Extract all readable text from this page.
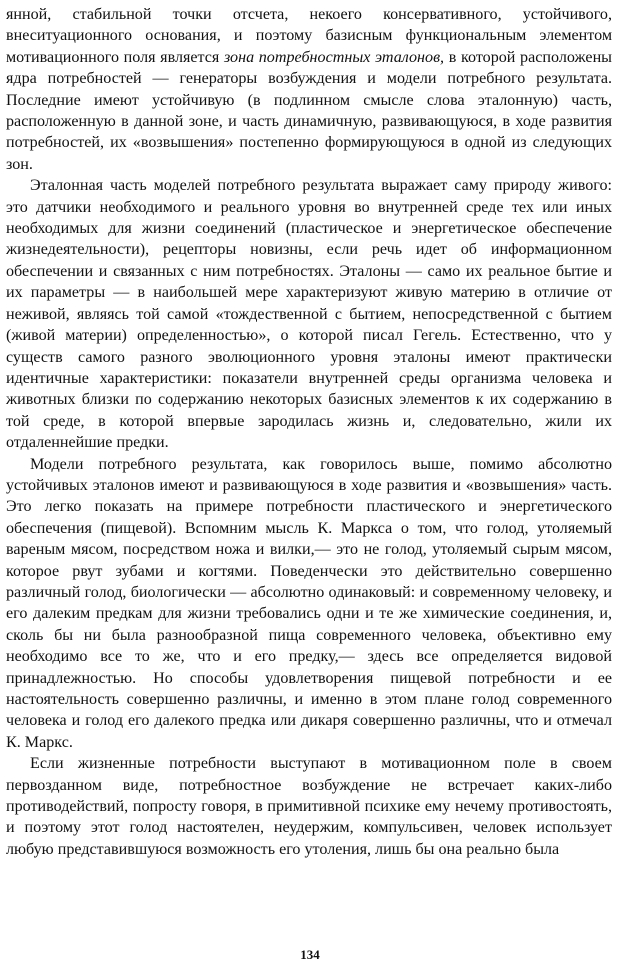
янной, стабильной точки отсчета, некоего консервативного, устойчивого, внеситуационного основания, и поэтому базисным функциональным элементом мотивационного поля является зона потребностных эталонов, в которой расположены ядра потребностей — генераторы возбуждения и модели потребного результата. Последние имеют устойчивую (в подлинном смысле слова эталонную) часть, расположенную в данной зоне, и часть динамичную, развивающуюся, в ходе развития потребностей, их «возвышения» постепенно формирующуюся в одной из следующих зон.

Эталонная часть моделей потребного результата выражает саму природу живого: это датчики необходимого и реального уровня во внутренней среде тех или иных необходимых для жизни соединений (пластическое и энергетическое обеспечение жизнедеятельности), рецепторы новизны, если речь идет об информационном обеспечении и связанных с ним потребностях. Эталоны — само их реальное бытие и их параметры — в наибольшей мере характеризуют живую материю в отличие от неживой, являясь той самой «тождественной с бытием, непосредственной с бытием (живой материи) определенностью», о которой писал Гегель. Естественно, что у существ самого разного эволюционного уровня эталоны имеют практически идентичные характеристики: показатели внутренней среды организма человека и животных близки по содержанию некоторых базисных элементов к их содержанию в той среде, в которой впервые зародилась жизнь и, следовательно, жили их отдаленнейшие предки.

Модели потребного результата, как говорилось выше, помимо абсолютно устойчивых эталонов имеют и развивающуюся в ходе развития и «возвышения» часть. Это легко показать на примере потребности пластического и энергетического обеспечения (пищевой). Вспомним мысль К. Маркса о том, что голод, утоляемый вареным мясом, посредством ножа и вилки,— это не голод, утоляемый сырым мясом, которое рвут зубами и когтями. Поведенчески это действительно совершенно различный голод, биологически — абсолютно одинаковый: и современному человеку, и его далеким предкам для жизни требовались одни и те же химические соединения, и, сколь бы ни была разнообразной пища современного человека, объективно ему необходимо все то же, что и его предку,— здесь все определяется видовой принадлежностью. Но способы удовлетворения пищевой потребности и ее настоятельность совершенно различны, и именно в этом плане голод современного человека и голод его далекого предка или дикаря совершенно различны, что и отмечал К. Маркс.

Если жизненные потребности выступают в мотивационном поле в своем первозданном виде, потребностное возбуждение не встречает каких-либо противодействий, попросту говоря, в примитивной психике ему нечему противостоять, и поэтому этот голод настоятелен, неудержим, компульсивен, человек использует любую представившуюся возможность его утоления, лишь бы она реально была

134
